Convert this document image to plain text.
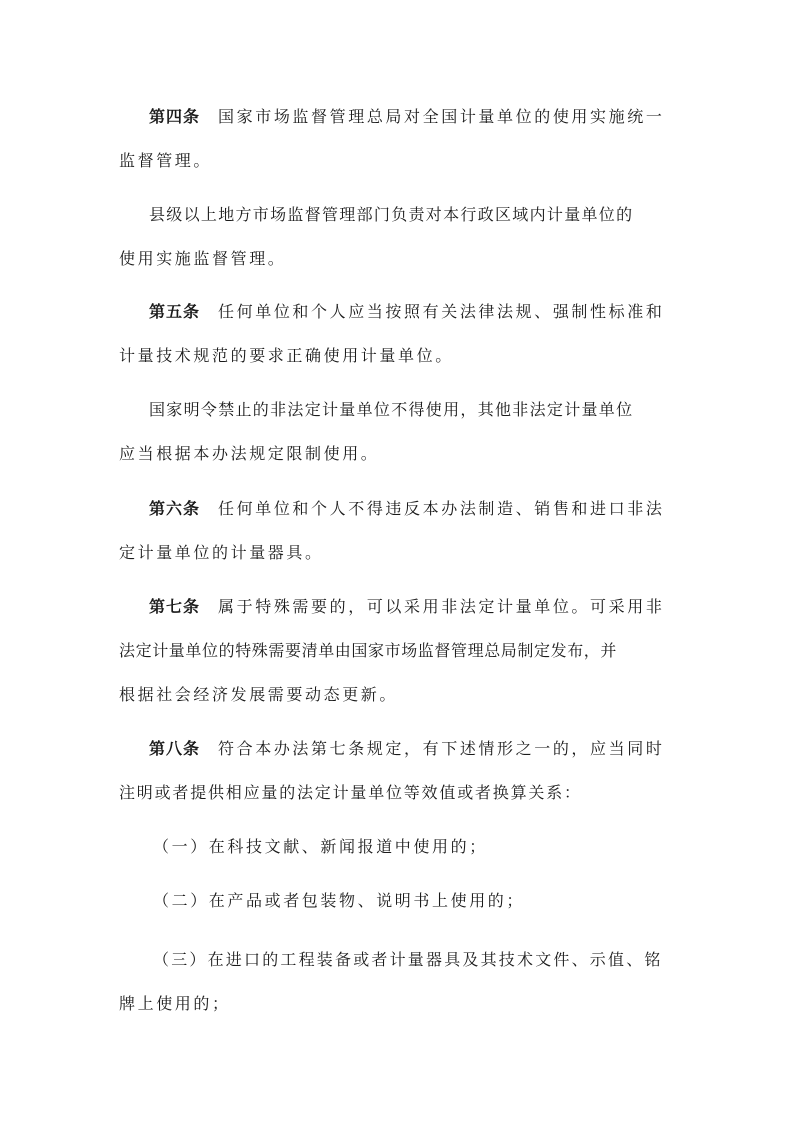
第四条 国家市场监督管理总局对全国计量单位的使用实施统一
监督管理。

县级以上地方市场监督管理部门负责对本行政区域内计量单位的
使用实施监督管理。

第五条 任何单位和个人应当按照有关法律法规、强制性标准和
计量技术规范的要求正确使用计量单位。

国家明令禁止的非法定计量单位不得使用，其他非法定计量单位
应当根据本办法规定限制使用。

第六条 任何单位和个人不得违反本办法制造、销售和进口非法
定计量单位的计量器具。

第七条 属于特殊需要的，可以采用非法定计量单位。可采用非
法定计量单位的特殊需要清单由国家市场监督管理总局制定发布，并
根据社会经济发展需要动态更新。

第八条 符合本办法第七条规定，有下述情形之一的，应当同时
注明或者提供相应量的法定计量单位等效值或者换算关系：

（一）在科技文献、新闻报道中使用的；

（二）在产品或者包装物、说明书上使用的；

（三）在进口的工程装备或者计量器具及其技术文件、示值、铭
牌上使用的；
